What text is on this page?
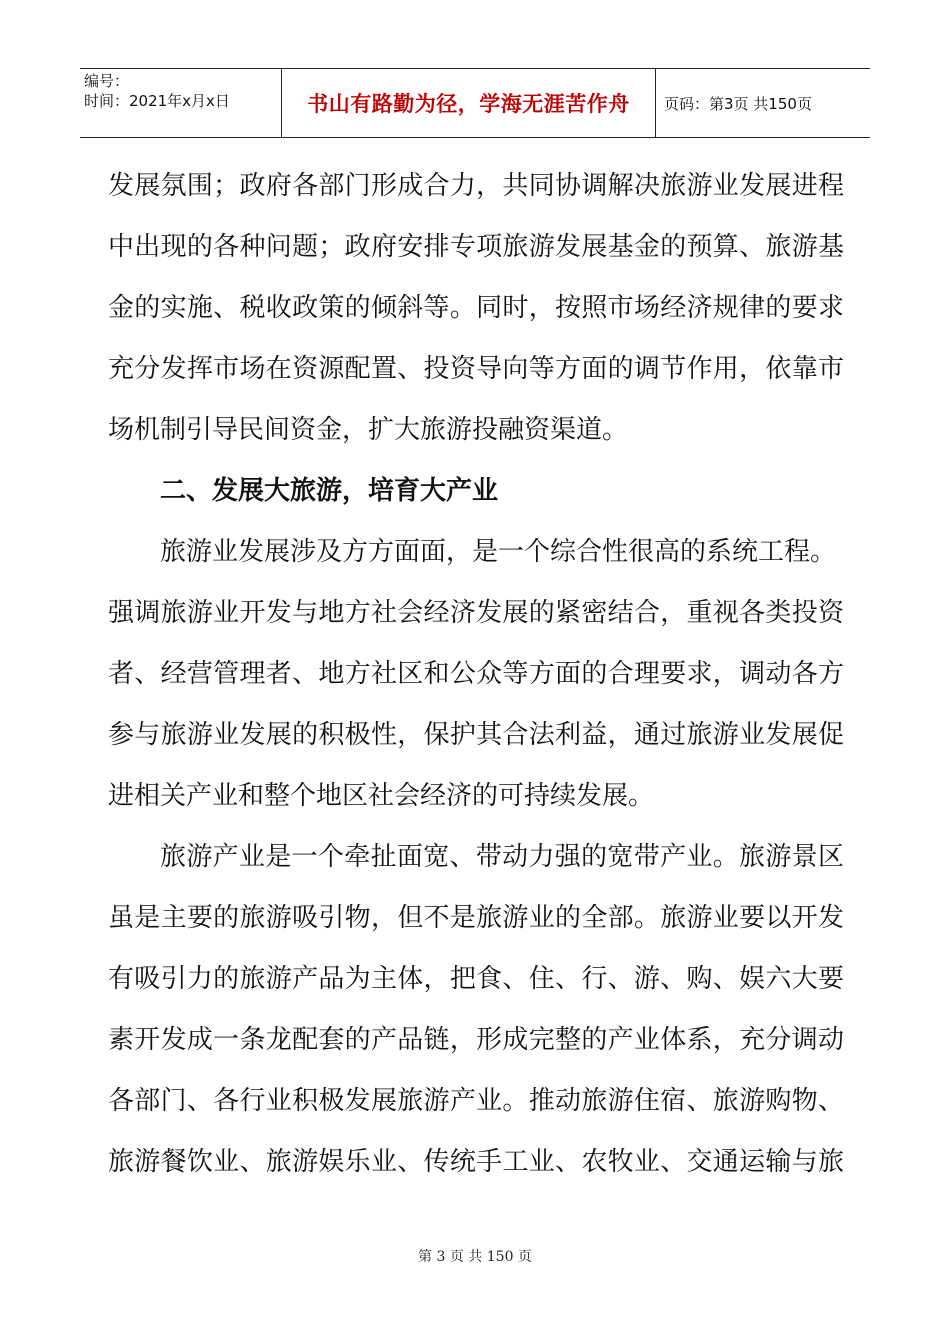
编号：
时间：2021年x月x日	书山有路勤为径，学海无涯苦作舟	页码：第3页 共150页
发展氛围；政府各部门形成合力，共同协调解决旅游业发展进程
中出现的各种问题；政府安排专项旅游发展基金的预算、旅游基
金的实施、税收政策的倾斜等。同时，按照市场经济规律的要求
充分发挥市场在资源配置、投资导向等方面的调节作用，依靠市
场机制引导民间资金，扩大旅游投融资渠道。
二、发展大旅游，培育大产业
旅游业发展涉及方方面面，是一个综合性很高的系统工程。
强调旅游业开发与地方社会经济发展的紧密结合，重视各类投资
者、经营管理者、地方社区和公众等方面的合理要求，调动各方
参与旅游业发展的积极性，保护其合法利益，通过旅游业发展促
进相关产业和整个地区社会经济的可持续发展。
旅游产业是一个牵扯面宽、带动力强的宽带产业。旅游景区
虽是主要的旅游吸引物，但不是旅游业的全部。旅游业要以开发
有吸引力的旅游产品为主体，把食、住、行、游、购、娱六大要
素开发成一条龙配套的产品链，形成完整的产业体系，充分调动
各部门、各行业积极发展旅游产业。推动旅游住宿、旅游购物、
旅游餐饮业、旅游娱乐业、传统手工业、农牧业、交通运输与旅
第 3 页 共 150 页
